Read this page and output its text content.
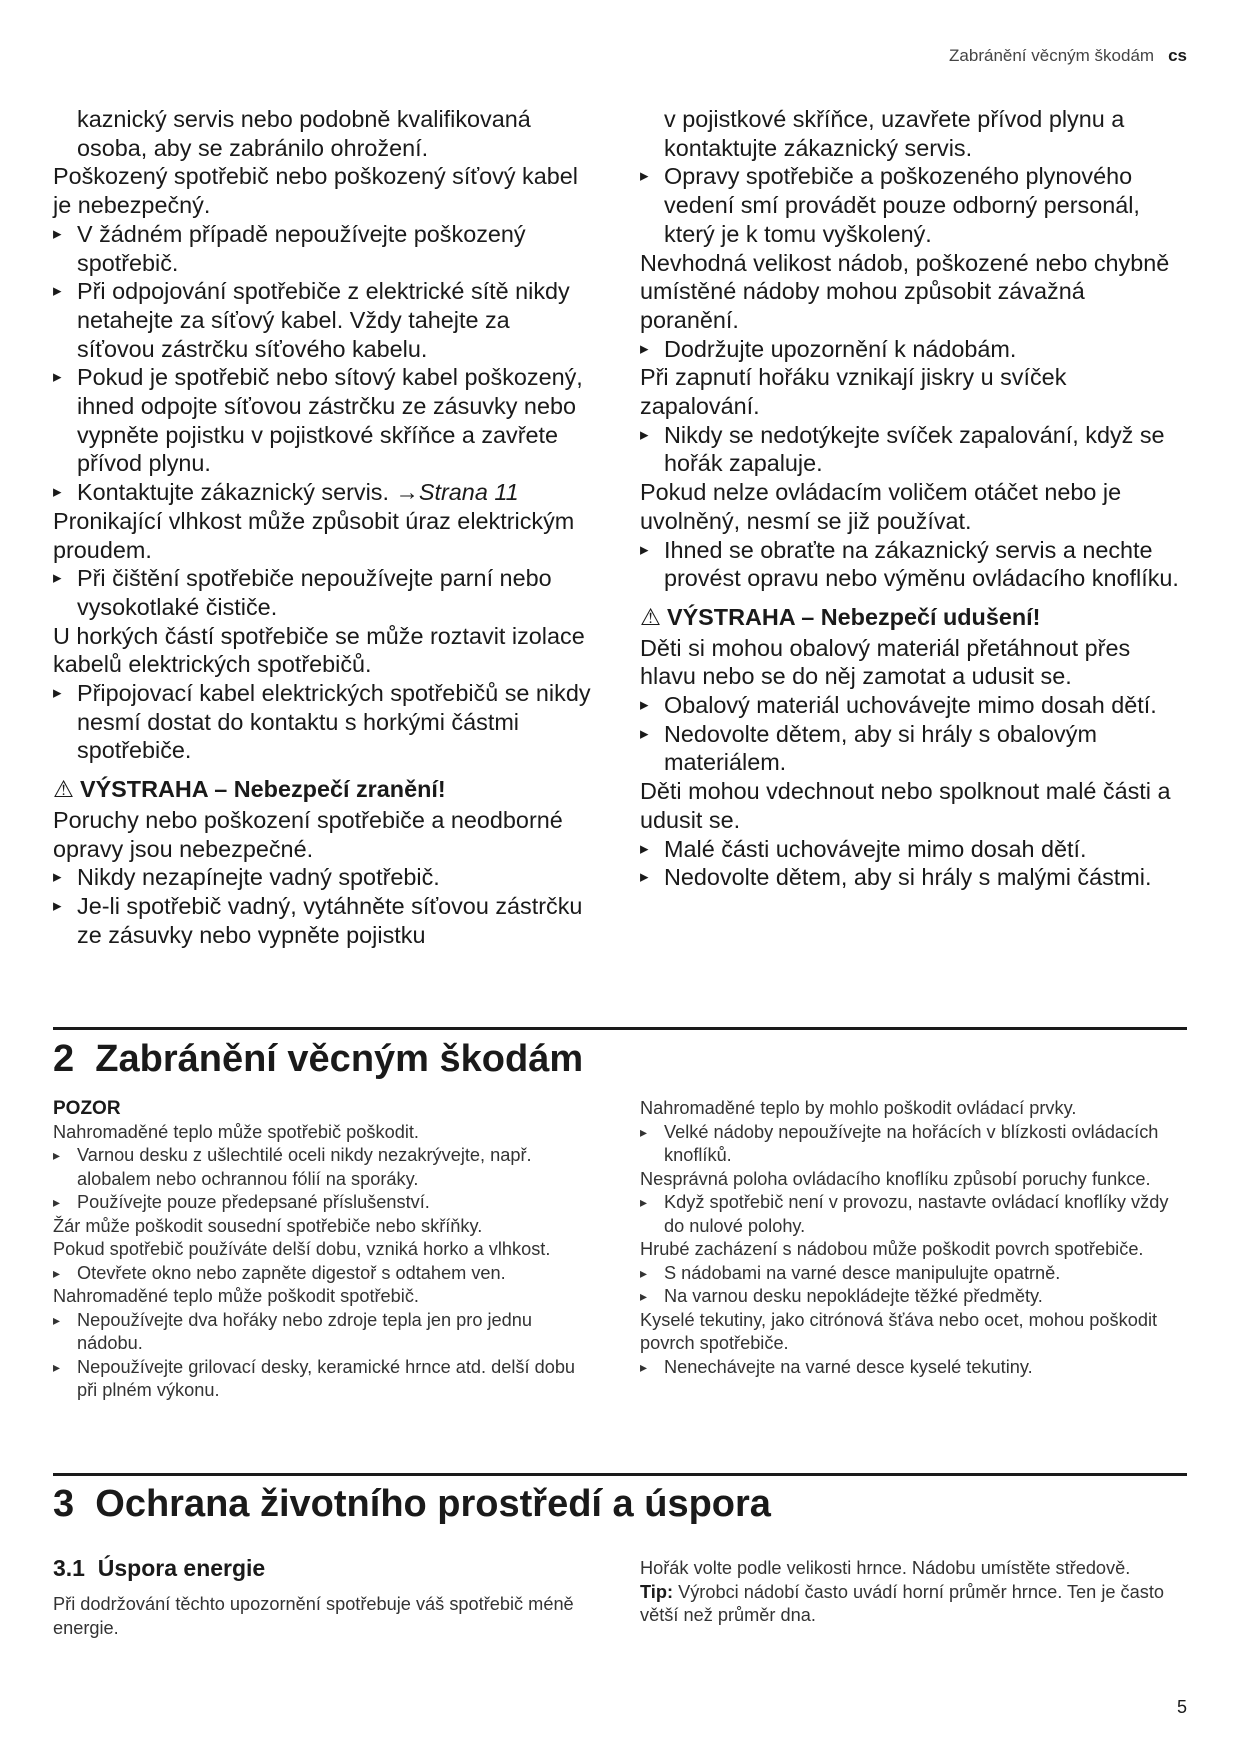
Zabránění věcným škodám cs

kaznický servis nebo podobně kvalifikovaná

osoba, aby se zabránilo ohrožení.

Poškozený spotřebič nebo poškozený síťový kabel je nebezpečný.

▸ V žádném případě nepoužívejte poškozený spotřebič.
▸ Při odpojování spotřebiče z elektrické sítě nikdy netahejte za síťový kabel. Vždy tahejte za síťovou zástrčku síťového kabelu.
▸ Pokud je spotřebič nebo sítový kabel poškozený, ihned odpojte síťovou zástrčku ze zásuvky nebo vypněte pojistku v pojistkové skříňce a zavřete přívod plynu.
▸ Kontaktujte zákaznický servis. →Strana 11

Pronikající vlhkost může způsobit úraz elektrickým proudem.

▸ Při čištění spotřebiče nepoužívejte parní nebo vysokotlaké čističe.

U horkých částí spotřebiče se může roztavit izolace kabelů elektrických spotřebičů.

▸ Připojovací kabel elektrických spotřebičů se nikdy nesmí dostat do kontaktu s horkými částmi spotřebiče.

⚠ VÝSTRAHA – Nebezpečí zranění!

Poruchy nebo poškození spotřebiče a neodborné opravy jsou nebezpečné.

▸ Nikdy nezapínejte vadný spotřebič.
▸ Je-li spotřebič vadný, vytáhněte síťovou zástrčku ze zásuvky nebo vypněte pojistku

v pojistkové skříňce, uzavřete přívod plynu a kontaktujte zákaznický servis.

▸ Opravy spotřebiče a poškozeného plynového vedení smí provádět pouze odborný personál, který je k tomu vyškolený.

Nevhodná velikost nádob, poškozené nebo chybně umístěné nádoby mohou způsobit závažná poranění.

▸ Dodržujte upozornění k nádobám.

Při zapnutí hořáku vznikají jiskry u svíček zapalování.

▸ Nikdy se nedotýkejte svíček zapalování, když se hořák zapaluje.

Pokud nelze ovládacím voličem otáčet nebo je uvolněný, nesmí se již používat.

▸ Ihned se obraťte na zákaznický servis a nechte provést opravu nebo výměnu ovládacího knoflíku.

⚠ VÝSTRAHA – Nebezpečí udušení!

Děti si mohou obalový materiál přetáhnout přes hlavu nebo se do něj zamotat a udusit se.

▸ Obalový materiál uchovávejte mimo dosah dětí.
▸ Nedovolte dětem, aby si hrály s obalovým materiálem.

Děti mohou vdechnout nebo spolknout malé části a udusit se.

▸ Malé části uchovávejte mimo dosah dětí.
▸ Nedovolte dětem, aby si hrály s malými částmi.
2 Zabránění věcným škodám

POZOR

Nahromaděné teplo může spotřebič poškodit.

▸ Varnou desku z ušlechtilé oceli nikdy nezakrývejte, např. alobalem nebo ochrannou fólií na sporáky.
▸ Používejte pouze předepsané příslušenství.

Žár může poškodit sousední spotřebiče nebo skříňky.

Pokud spotřebič používáte delší dobu, vzniká horko a vlhkost.

▸ Otevřete okno nebo zapněte digestoř s odtahem ven.

Nahromaděné teplo může poškodit spotřebič.

▸ Nepoužívejte dva hořáky nebo zdroje tepla jen pro jednu nádobu.
▸ Nepoužívejte grilovací desky, keramické hrnce atd. delší dobu při plném výkonu.

Nahromaděné teplo by mohlo poškodit ovládací prvky.

▸ Velké nádoby nepoužívejte na hořácích v blízkosti ovládacích knoflíků.

Nesprávná poloha ovládacího knoflíku způsobí poruchy funkce.

▸ Když spotřebič není v provozu, nastavte ovládací knoflíky vždy do nulové polohy.

Hrubé zacházení s nádobou může poškodit povrch spotřebiče.

▸ S nádobami na varné desce manipulujte opatrně.
▸ Na varnou desku nepokládejte těžké předměty.

Kyselé tekutiny, jako citrónová šťáva nebo ocet, mohou poškodit povrch spotřebiče.

▸ Nenechávejte na varné desce kyselé tekutiny.
3 Ochrana životního prostředí a úspora
3.1 Úspora energie

Při dodržování těchto upozornění spotřebuje váš spotřebič méně energie.

Hořák volte podle velikosti hrnce. Nádobu umístěte středově.

Tip: Výrobci nádobí často uvádí horní průměr hrnce. Ten je často větší než průměr dna.

5
